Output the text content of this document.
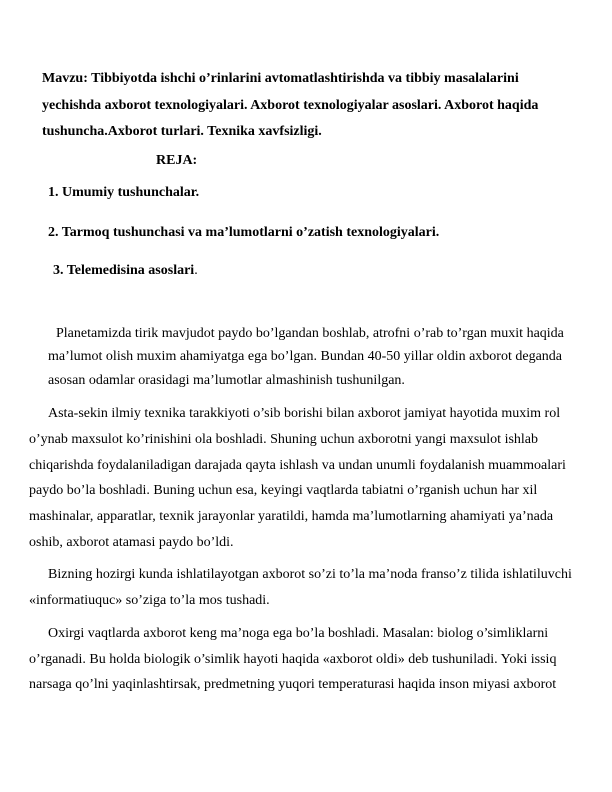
Mavzu: Tibbiyotda ishchi o’rinlarini avtomatlashtirishda va tibbiy masalalarini
yechishda axborot texnologiyalari. Axborot texnologiyalar asoslari. Axborot haqida
tushuncha.Axborot turlari. Texnika xavfsizligi.
REJA:
1. Umumiy tushunchalar.
2. Tarmoq tushunchasi va ma’lumotlarni o’zatish texnologiyalari.
3. Telemedisina asoslari.
Planetamizda tirik mavjudot paydo bo’lgandan boshlab, atrofni o’rab to’rgan muxit haqida
ma’lumot olish muxim ahamiyatga ega bo’lgan. Bundan 40-50 yillar oldin axborot deganda
asosan odamlar orasidagi ma’lumotlar almashinish tushunilgan.
Asta-sekin ilmiy texnika tarakkiyoti o’sib borishi bilan axborot jamiyat hayotida muxim rol
o’ynab maxsulot ko’rinishini ola boshladi. Shuning uchun axborotni yangi maxsulot ishlab
chiqarishda foydalaniladigan darajada qayta ishlash va undan unumli foydalanish muammoalari
paydo bo’la boshladi. Buning uchun esa, keyingi vaqtlarda tabiatni o’rganish uchun har xil
mashinalar, apparatlar, texnik jarayonlar yaratildi, hamda ma’lumotlarning ahamiyati ya’nada
oshib, axborot atamasi paydo bo’ldi.
Bizning hozirgi kunda ishlatilayotgan axborot so’zi to’la ma’noda franso’z tilida ishlatiluvchi
«informatiuquc» so’ziga to’la mos tushadi.
Oxirgi vaqtlarda axborot keng ma’noga ega bo’la boshladi. Masalan: biolog o’simliklarni
o’rganadi. Bu holda biologik o’simlik hayoti haqida «axborot oldi» deb tushuniladi. Yoki issiq
narsaga qo’lni yaqinlashtirsak, predmetning yuqori temperaturasi haqida inson miyasi axborot
